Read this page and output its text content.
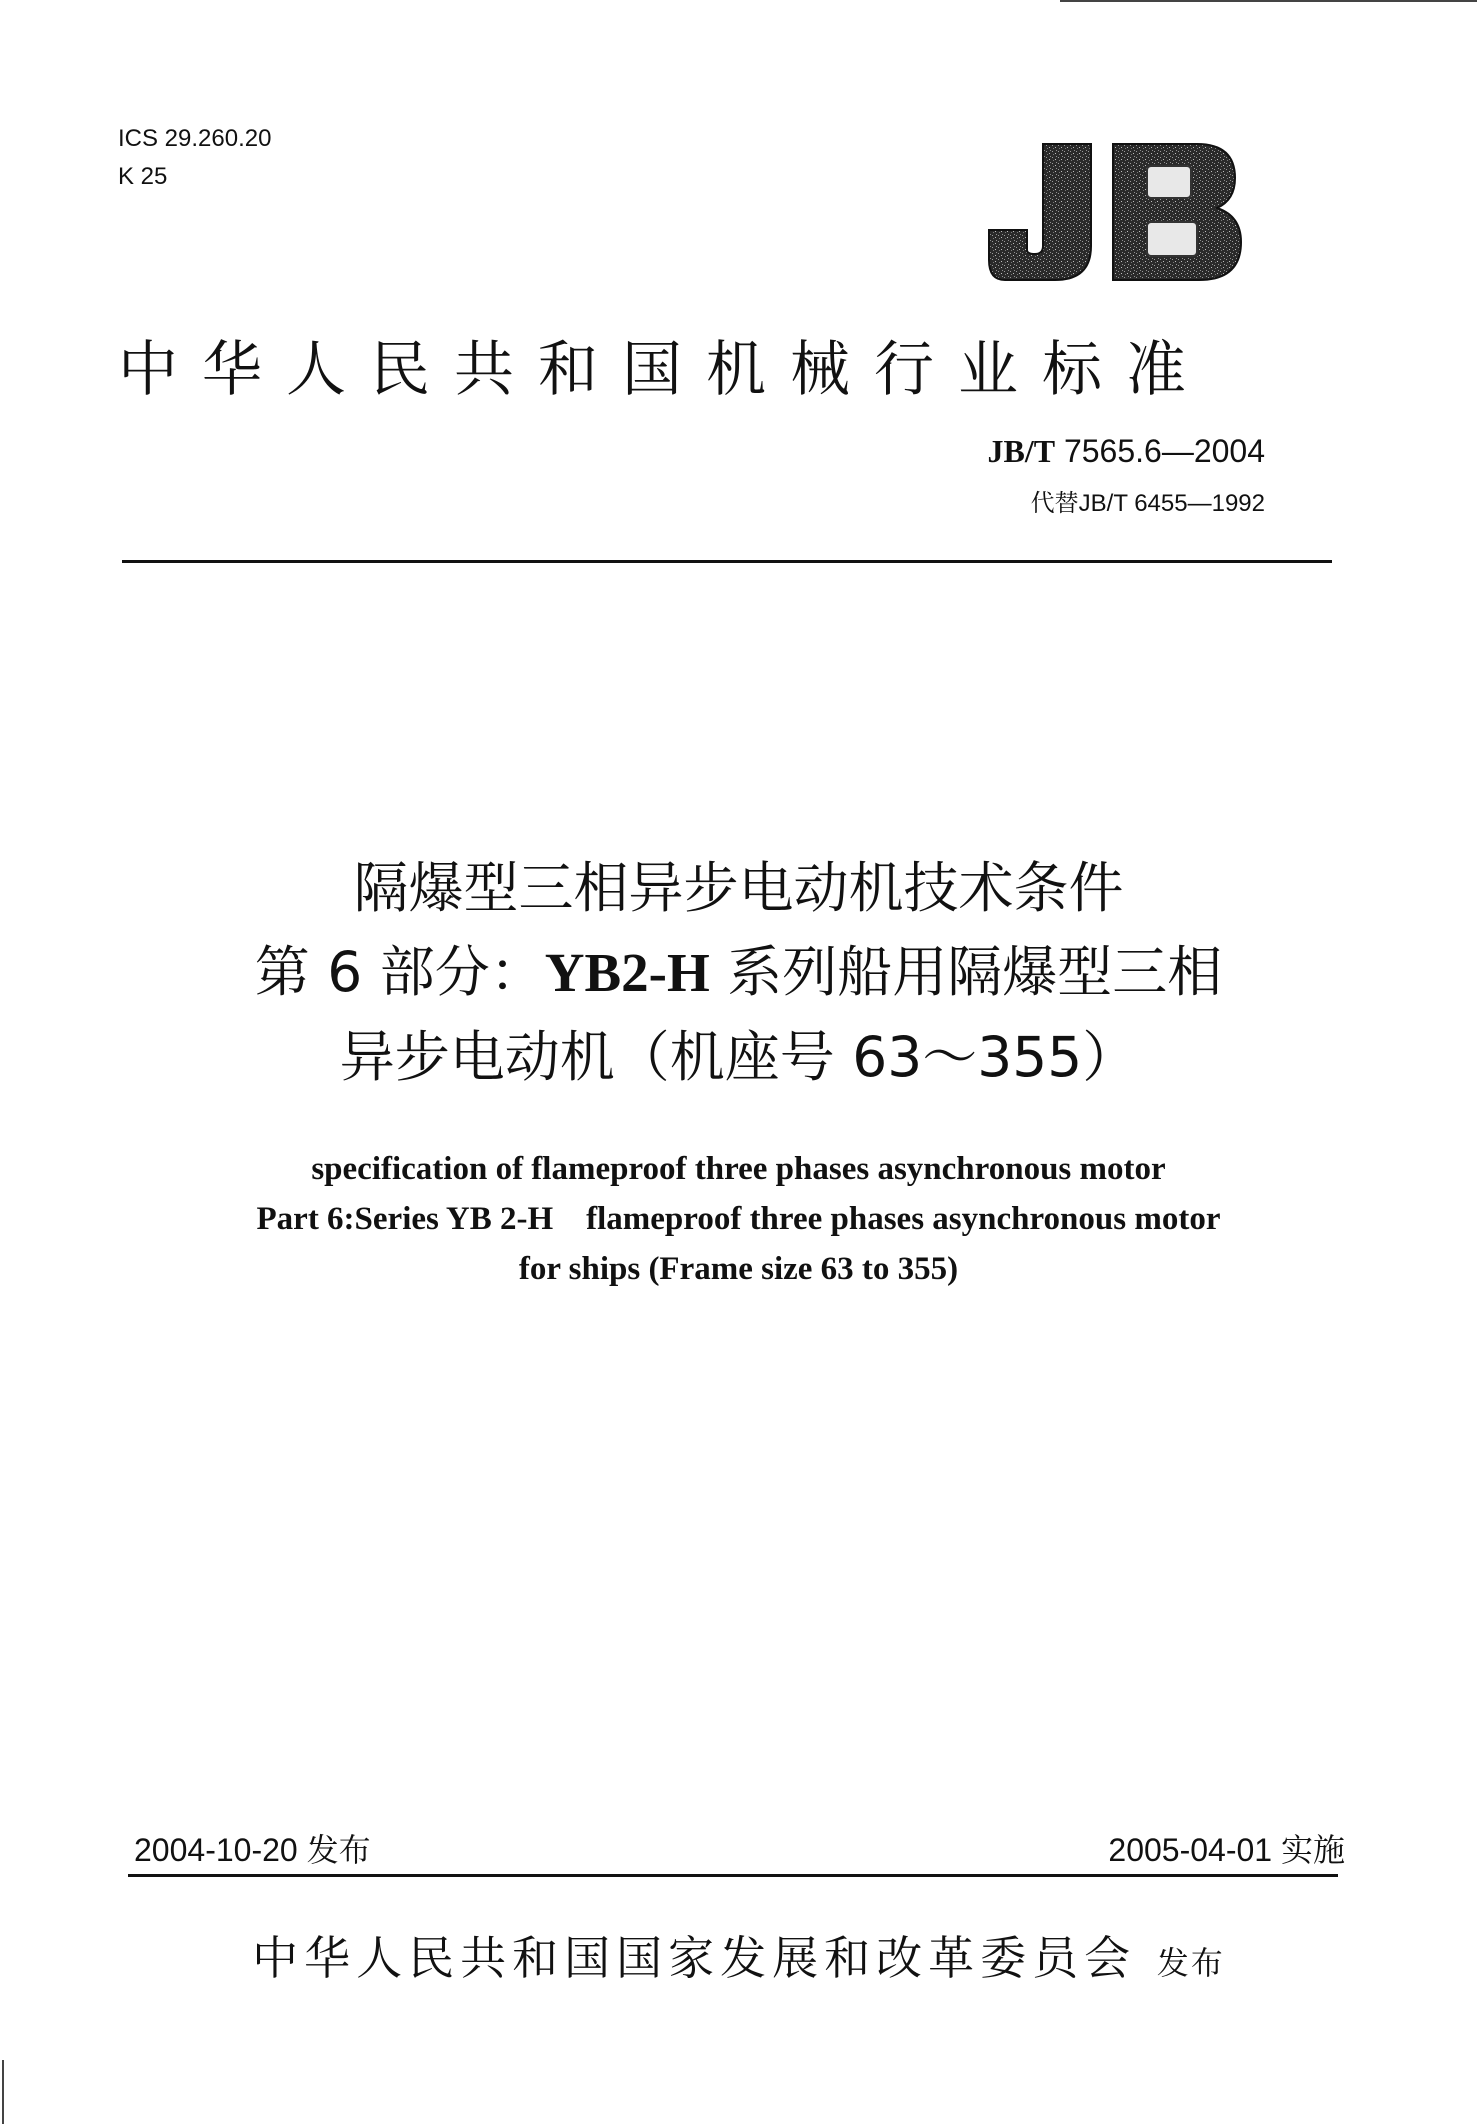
ICS 29.260.20
K 25
中华人民共和国机械行业标准
JB/T 7565.6—2004
代替JB/T 6455—1992
隔爆型三相异步电动机技术条件
第 6 部分：YB2-H 系列船用隔爆型三相
异步电动机（机座号 63～355）
specification of flameproof three phases asynchronous motor
Part 6:Series YB 2-H    flameproof three phases asynchronous motor
for ships (Frame size 63 to 355)
2004-10-20 发布	2005-04-01 实施
中华人民共和国国家发展和改革委员会 发布
